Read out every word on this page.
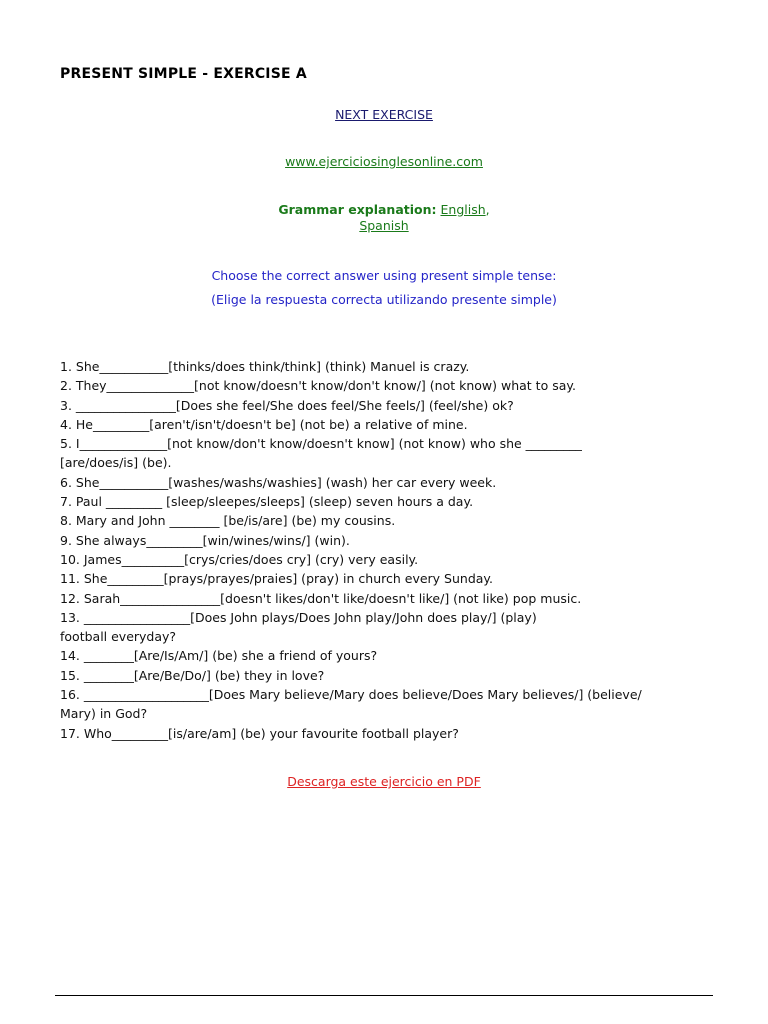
PRESENT SIMPLE - EXERCISE A
NEXT EXERCISE
www.ejerciciosinglesonline.com
Grammar explanation: English,
Spanish
Choose the correct answer using present simple tense:
(Elige la respuesta correcta utilizando presente simple)
1. She___________[thinks/does think/think] (think) Manuel is crazy.
2. They______________[not know/doesn't know/don't know/] (not know) what to say.
3. ________________[Does she feel/She does feel/She feels/] (feel/she) ok?
4. He_________[aren't/isn't/doesn't be] (not be) a relative of mine.
5. I______________[not know/don't know/doesn't know] (not know) who she _________
[are/does/is] (be).
6. She___________[washes/washs/washies] (wash) her car every week.
7. Paul _________ [sleep/sleepes/sleeps] (sleep) seven hours a day.
8. Mary and John ________ [be/is/are] (be) my cousins.
9. She always_________[win/wines/wins/] (win).
10. James__________[crys/cries/does cry] (cry) very easily.
11. She_________[prays/prayes/praies] (pray) in church every Sunday.
12. Sarah________________[doesn't likes/don't like/doesn't like/] (not like) pop music.
13. _________________[Does John plays/Does John play/John does play/] (play)
football everyday?
14. ________[Are/Is/Am/] (be) she a friend of yours?
15. ________[Are/Be/Do/] (be) they in love?
16. ____________________[Does Mary believe/Mary does believe/Does Mary believes/] (believe/
Mary) in God?
17. Who_________[is/are/am] (be) your favourite football player?
Descarga este ejercicio en PDF
